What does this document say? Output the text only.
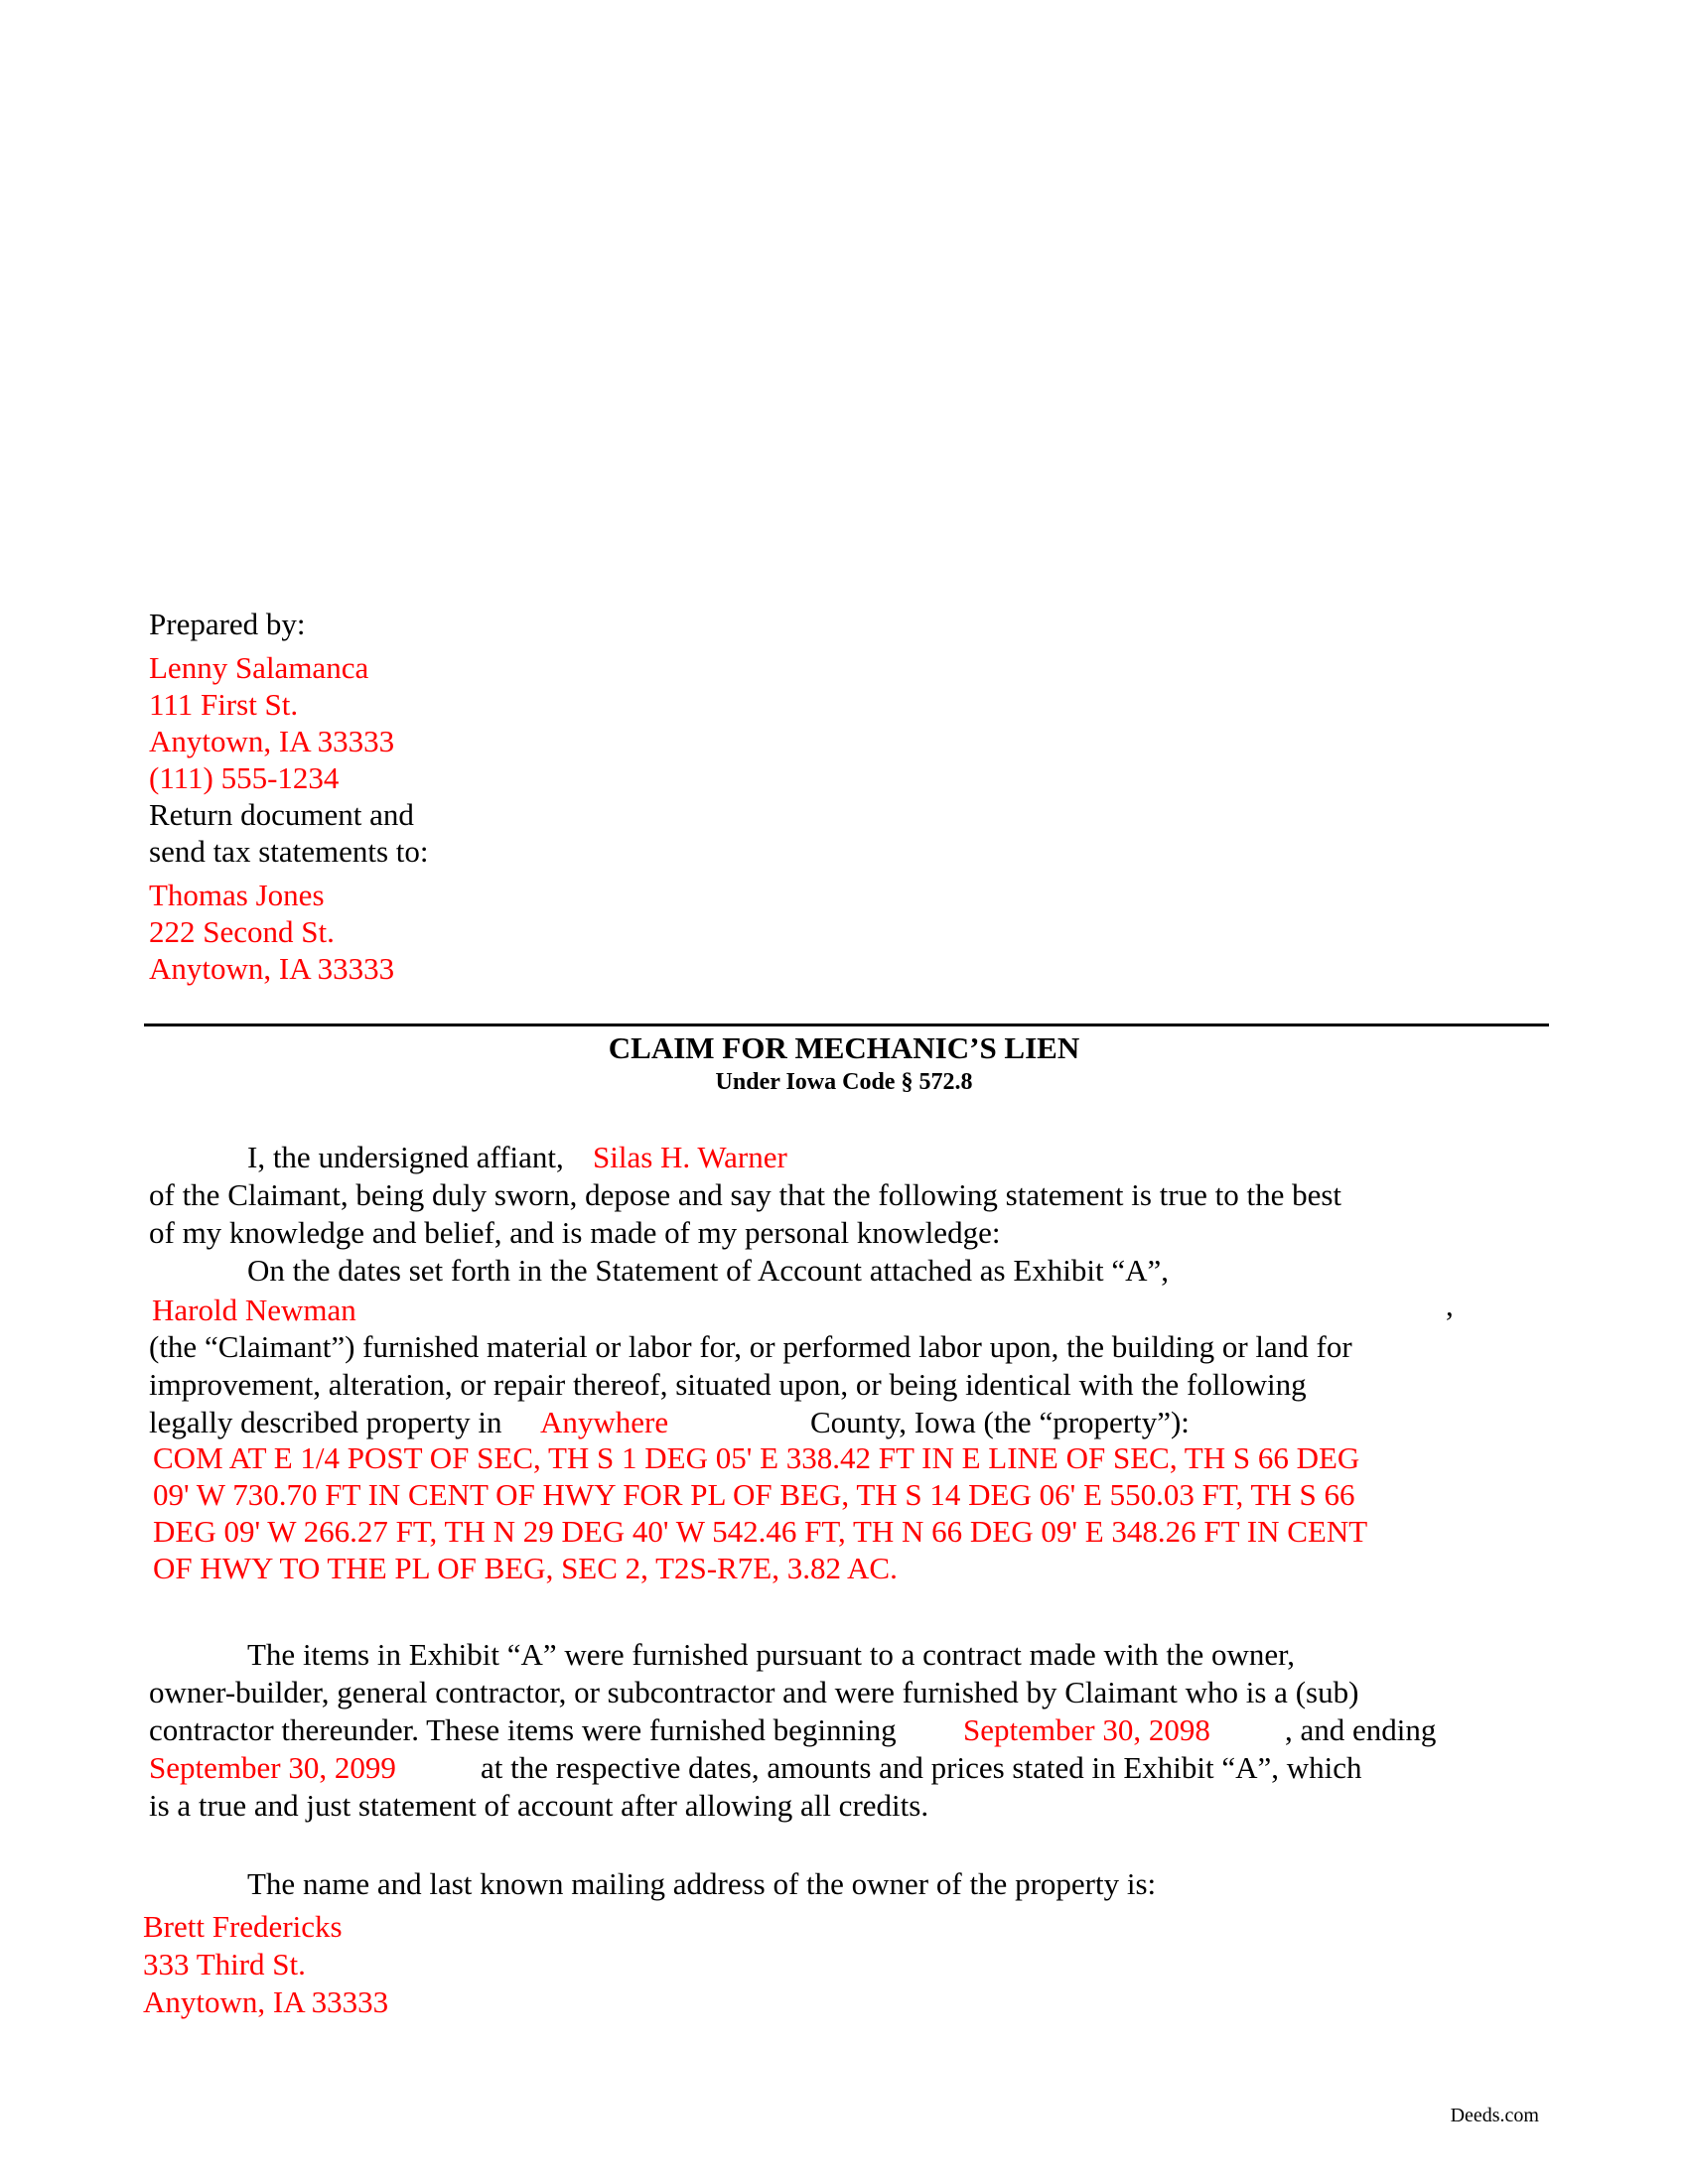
Prepared by:
Lenny Salamanca
111 First St.
Anytown, IA 33333
(111) 555-1234
Return document and
send tax statements to:
Thomas Jones
222 Second St.
Anytown, IA 33333
CLAIM FOR MECHANIC’S LIEN
Under Iowa Code § 572.8
I, the undersigned affiant, Silas H. Warner
of the Claimant, being duly sworn, depose and say that the following statement is true to the best
of my knowledge and belief, and is made of my personal knowledge:
On the dates set forth in the Statement of Account attached as Exhibit “A”,
Harold Newman	,
(the “Claimant”) furnished material or labor for, or performed labor upon, the building or land for
improvement, alteration, or repair thereof, situated upon, or being identical with the following
legally described property in Anywhere	County, Iowa (the “property”):
COM AT E 1/4 POST OF SEC, TH S 1 DEG 05' E 338.42 FT IN E LINE OF SEC, TH S 66 DEG
09' W 730.70 FT IN CENT OF HWY FOR PL OF BEG, TH S 14 DEG 06' E 550.03 FT, TH S 66
DEG 09' W 266.27 FT, TH N 29 DEG 40' W 542.46 FT, TH N 66 DEG 09' E 348.26 FT IN CENT
OF HWY TO THE PL OF BEG, SEC 2, T2S-R7E, 3.82 AC.
The items in Exhibit “A” were furnished pursuant to a contract made with the owner,
owner-builder, general contractor, or subcontractor and were furnished by Claimant who is a (sub)
contractor thereunder. These items were furnished beginning September 30, 2098 , and ending
September 30, 2099	at the respective dates, amounts and prices stated in Exhibit “A”, which
is a true and just statement of account after allowing all credits.
The name and last known mailing address of the owner of the property is:
Brett Fredericks
333 Third St.
Anytown, IA 33333
Deeds.com
